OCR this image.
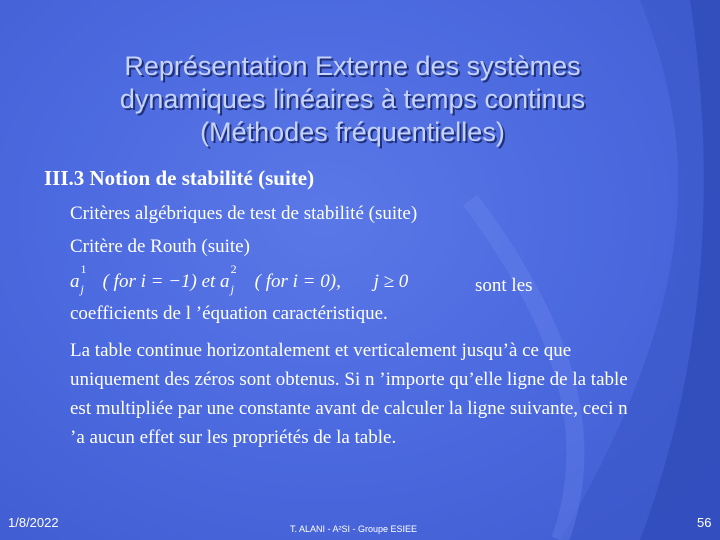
Représentation Externe des systèmes
dynamiques linéaires à temps continus
(Méthodes fréquentielles)
III.3 Notion de stabilité (suite)
Critères algébriques de test de stabilité (suite)
Critère de Routh (suite)
$a^1_j$ ( for i = −1) et $a^2_j$ ( for i = 0), j ≥ 0	sont les
coefficients de l ’équation caractéristique.
La table continue horizontalement et verticalement jusqu’à ce que uniquement des zéros sont obtenus. Si n ’importe qu’elle ligne de la table est multipliée par une constante avant de calculer la ligne suivante, ceci n ’a aucun effet sur les propriétés de la table.
1/8/2022	T. ALANI - A²SI - Groupe ESIEE	56
